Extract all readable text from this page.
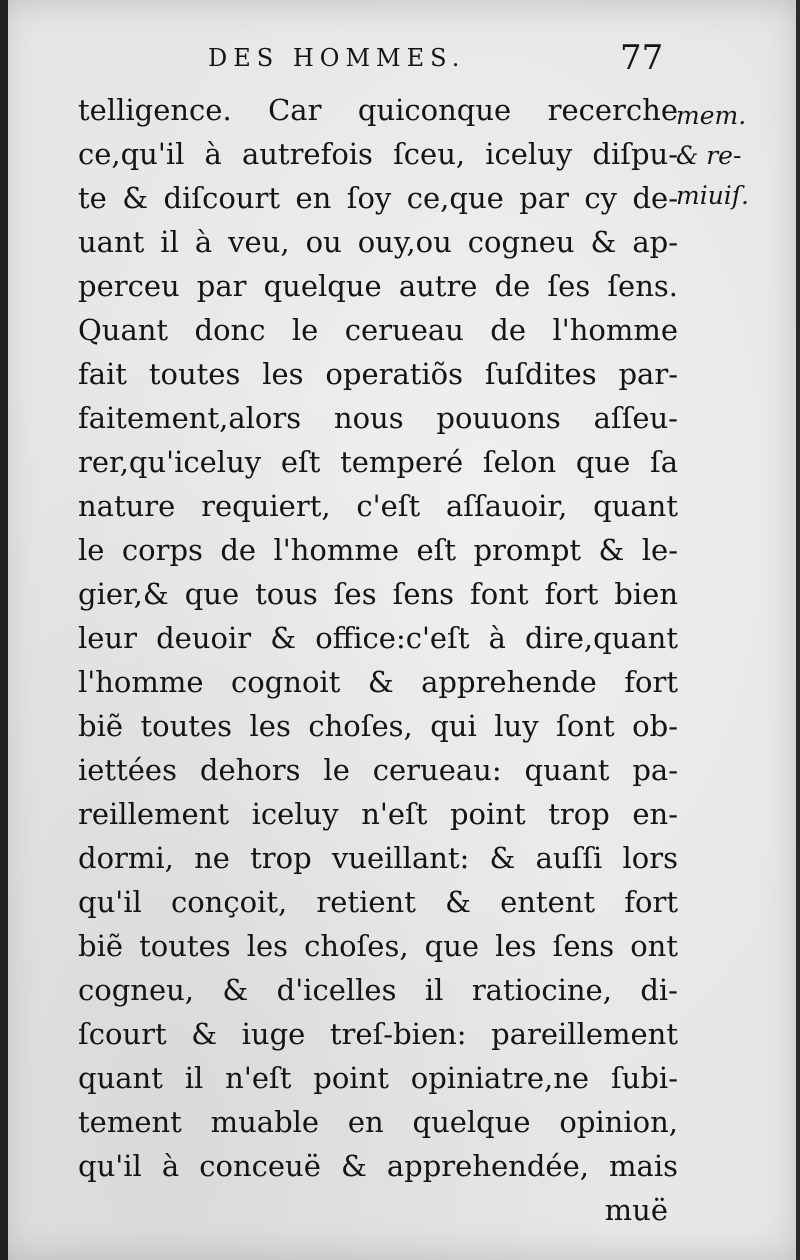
DES HOMMES.	77
telligence. Car quiconque recerche
ce,qu'il à autrefois ſceu, iceluy diſpu-
te & diſcourt en ſoy ce,que par cy de-
uant il à veu, ou ouy,ou cogneu & ap-
perceu par quelque autre de ſes ſens.
Quant donc le cerueau de l'homme
fait toutes les operatiõs ſuſdites par-
faitement,alors nous pouuons aſſeu-
rer,qu'iceluy eſt temperé ſelon que ſa
nature requiert, c'eſt aſſauoir, quant
le corps de l'homme eſt prompt & le-
gier,& que tous ſes ſens font fort bien
leur deuoir & office:c'eſt à dire,quant
l'homme cognoit & apprehende fort
biẽ toutes les choſes, qui luy ſont ob-
iettées dehors le cerueau: quant pa-
reillement iceluy n'eſt point trop en-
dormi, ne trop vueillant: & auſſi lors
qu'il conçoit, retient & entent fort
biẽ toutes les choſes, que les ſens ont
cogneu, & d'icelles il ratiocine, di-
ſcourt & iuge treſ-bien: pareillement
quant il n'eſt point opiniatre,ne ſubi-
tement muable en quelque opinion,
qu'il à conceuë & apprehendée, mais
muë
mem.
& re-
miuiſ.
